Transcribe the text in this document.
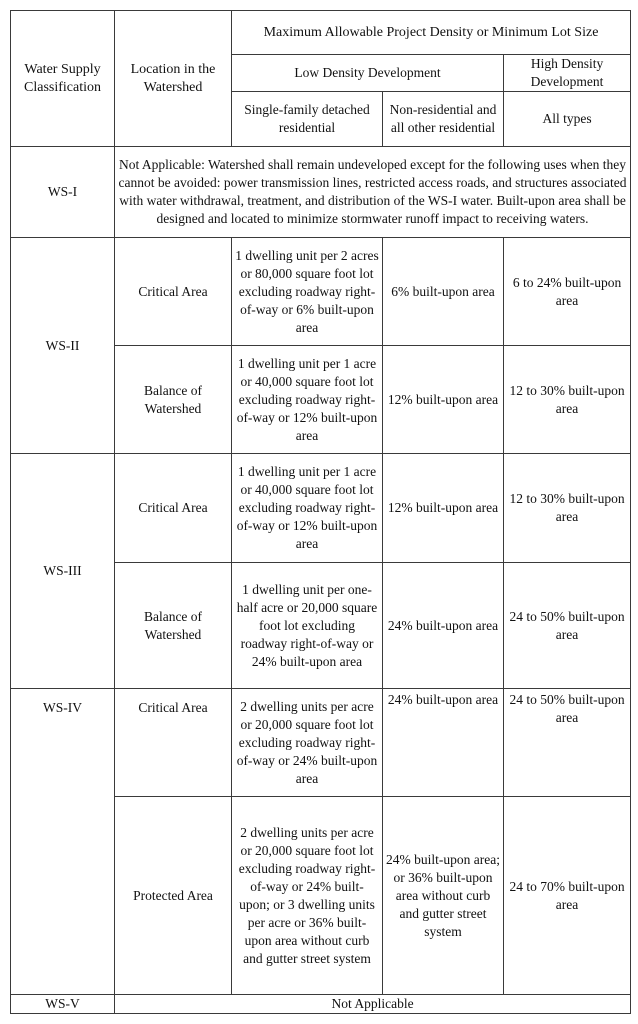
Water Supply Classification	Location in the Watershed	Maximum Allowable Project Density or Minimum Lot Size		
		Low Density Development		High Density Development
		Single-family detached residential	Non-residential and all other residential	All types
WS-I	Not Applicable: Watershed shall remain undeveloped except for the following uses when they cannot be avoided: power transmission lines, restricted access roads, and structures associated with water withdrawal, treatment, and distribution of the WS-I water. Built-upon area shall be designed and located to minimize stormwater runoff impact to receiving waters.			
WS-II	Critical Area	1 dwelling unit per 2 acres or 80,000 square foot lot excluding roadway right-of-way or 6% built-upon area	6% built-upon area	6 to 24% built-upon area
	Balance of Watershed	1 dwelling unit per 1 acre or 40,000 square foot lot excluding roadway right-of-way or 12% built-upon area	12% built-upon area	12 to 30% built-upon area
WS-III	Critical Area	1 dwelling unit per 1 acre or 40,000 square foot lot excluding roadway right-of-way or 12% built-upon area	12% built-upon area	12 to 30% built-upon area
	Balance of Watershed	1 dwelling unit per one-half acre or 20,000 square foot lot excluding roadway right-of-way or 24% built-upon area	24% built-upon area	24 to 50% built-upon area
WS-IV	Critical Area	2 dwelling units per acre or 20,000 square foot lot excluding roadway right-of-way or 24% built-upon area	24% built-upon area	24 to 50% built-upon area
	Protected Area	2 dwelling units per acre or 20,000 square foot lot excluding roadway right-of-way or 24% built-upon; or 3 dwelling units per acre or 36% built-upon area without curb and gutter street system	24% built-upon area; or 36% built-upon area without curb and gutter street system	24 to 70% built-upon area
WS-V	Not Applicable			
